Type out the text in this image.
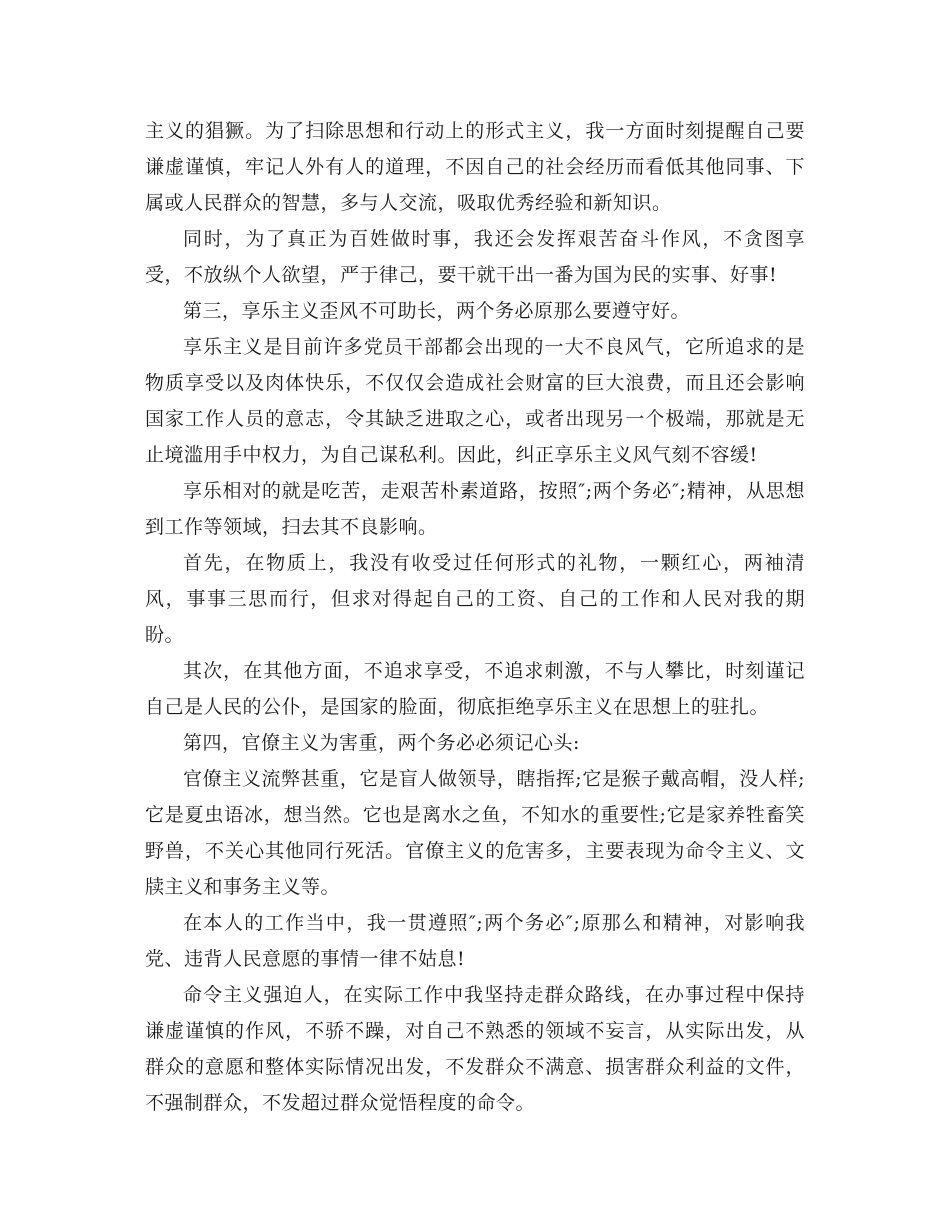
主义的猖獗。为了扫除思想和行动上的形式主义，我一方面时刻提醒自己要谦虚谨慎，牢记人外有人的道理，不因自己的社会经历而看低其他同事、下属或人民群众的智慧，多与人交流，吸取优秀经验和新知识。

同时，为了真正为百姓做时事，我还会发挥艰苦奋斗作风，不贪图享受，不放纵个人欲望，严于律己，要干就干出一番为国为民的实事、好事!

第三，享乐主义歪风不可助长，两个务必原那么要遵守好。

享乐主义是目前许多党员干部都会出现的一大不良风气，它所追求的是物质享受以及肉体快乐，不仅仅会造成社会财富的巨大浪费，而且还会影响国家工作人员的意志，令其缺乏进取之心，或者出现另一个极端，那就是无止境滥用手中权力，为自己谋私利。因此，纠正享乐主义风气刻不容缓!

享乐相对的就是吃苦，走艰苦朴素道路，按照″;两个务必″;精神，从思想到工作等领域，扫去其不良影响。

首先，在物质上，我没有收受过任何形式的礼物，一颗红心，两袖清风，事事三思而行，但求对得起自己的工资、自己的工作和人民对我的期盼。

其次，在其他方面，不追求享受，不追求刺激，不与人攀比，时刻谨记自己是人民的公仆，是国家的脸面，彻底拒绝享乐主义在思想上的驻扎。

第四，官僚主义为害重，两个务必必须记心头:

官僚主义流弊甚重，它是盲人做领导，瞎指挥;它是猴子戴高帽，没人样;它是夏虫语冰，想当然。它也是离水之鱼，不知水的重要性;它是家养牲畜笑野兽，不关心其他同行死活。官僚主义的危害多，主要表现为命令主义、文牍主义和事务主义等。

在本人的工作当中，我一贯遵照″;两个务必″;原那么和精神，对影响我党、违背人民意愿的事情一律不姑息!

命令主义强迫人，在实际工作中我坚持走群众路线，在办事过程中保持谦虚谨慎的作风，不骄不躁，对自己不熟悉的领域不妄言，从实际出发，从群众的意愿和整体实际情况出发，不发群众不满意、损害群众利益的文件，不强制群众，不发超过群众觉悟程度的命令。
